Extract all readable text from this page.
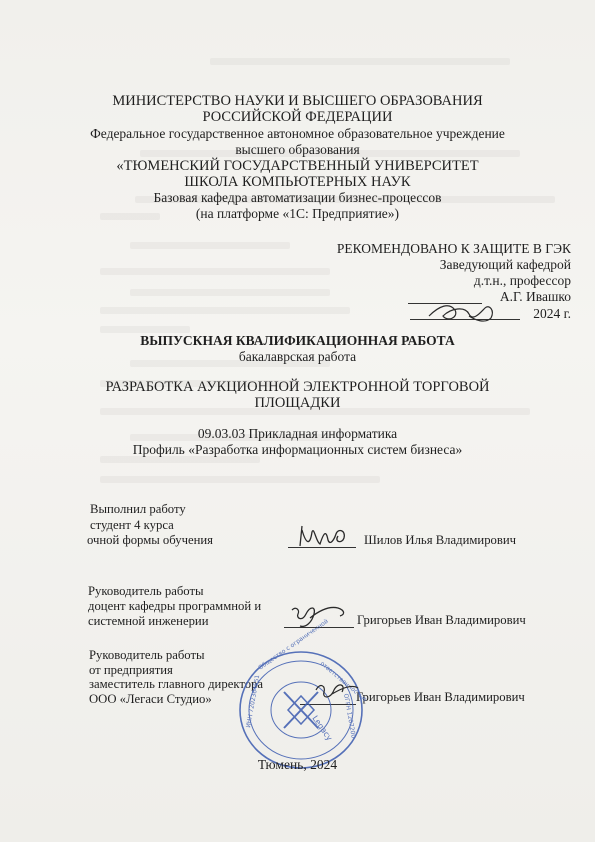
МИНИСТЕРСТВО НАУКИ И ВЫСШЕГО ОБРАЗОВАНИЯ
РОССИЙСКОЙ ФЕДЕРАЦИИ
Федеральное государственное автономное образовательное учреждение
высшего образования
«ТЮМЕНСКИЙ ГОСУДАРСТВЕННЫЙ УНИВЕРСИТЕТ
ШКОЛА КОМПЬЮТЕРНЫХ НАУК
Базовая кафедра автоматизации бизнес-процессов
(на платформе «1С: Предприятие»)
РЕКОМЕНДОВАНО К ЗАЩИТЕ В ГЭК
Заведующий кафедрой
д.т.н., профессор
А.Г. Ивашко
2024 г.
ВЫПУСКНАЯ КВАЛИФИКАЦИОННАЯ РАБОТА
бакалаврская работа
РАЗРАБОТКА АУКЦИОННОЙ ЭЛЕКТРОННОЙ ТОРГОВОЙ
ПЛОЩАДКИ
09.03.03 Прикладная информатика
Профиль «Разработка информационных систем бизнеса»
Выполнил работу
студент 4 курса
очной формы обучения	Шилов Илья Владимирович
Руководитель работы
доцент кафедры программной и
системной инженерии	Григорьев Иван Владимирович
Руководитель работы
от предприятия
заместитель главного директора
ООО «Легаси Студио»	Григорьев Иван Владимирович
Общество с ограниченной
ответственностью
ИНН 7202364551	ОГРН 1207200
Legacy
Тюмень, 2024
